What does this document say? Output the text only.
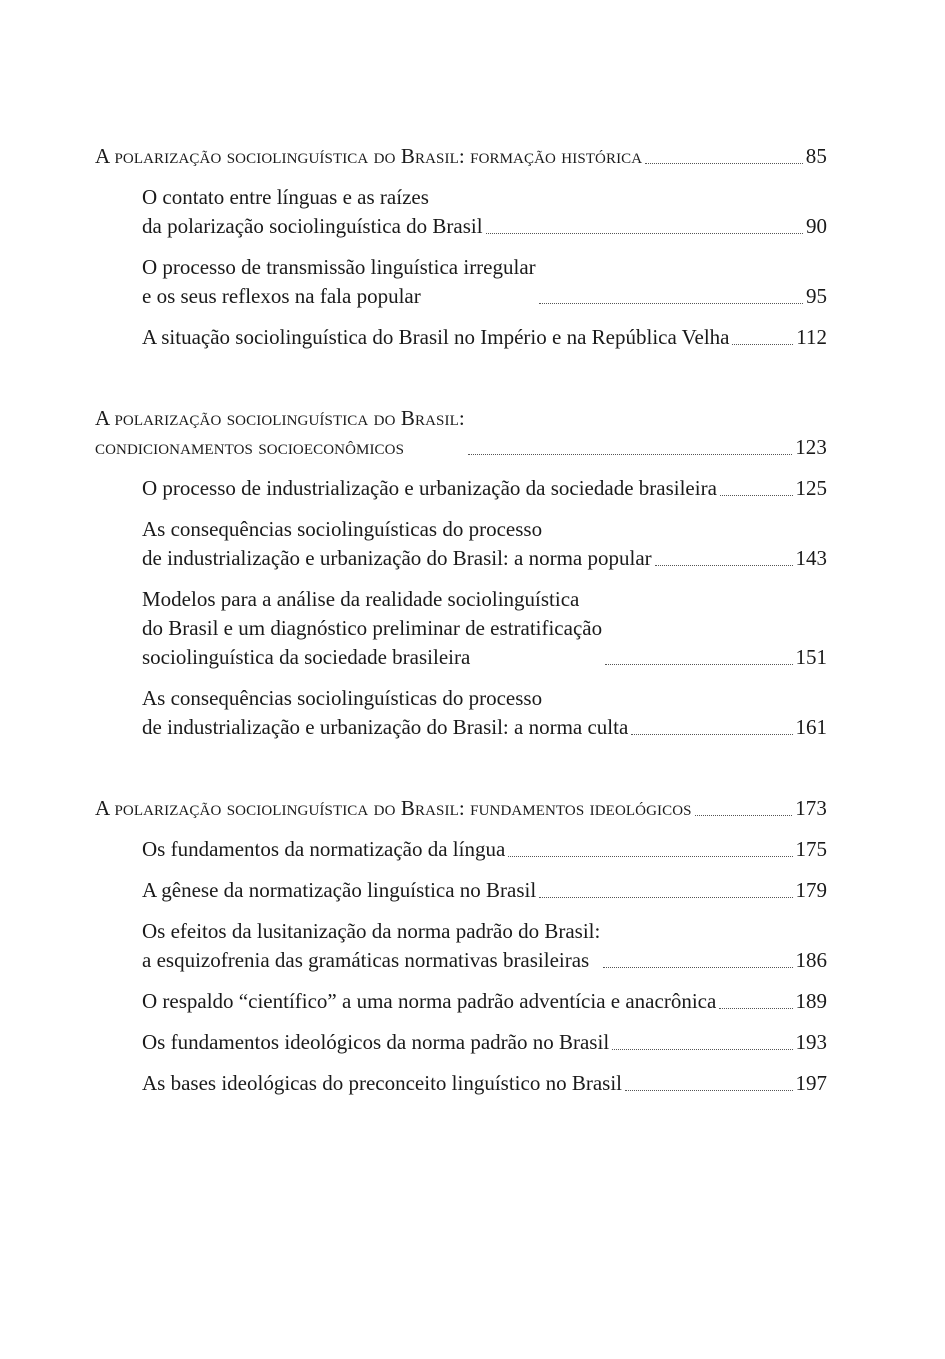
A polarização sociolinguística do Brasil: formação histórica	85
O contato entre línguas e as raízes
da polarização sociolinguística do Brasil	90
O processo de transmissão linguística irregular
e os seus reflexos na fala popular	95
A situação sociolinguística do Brasil no Império e na República Velha	112
A polarização sociolinguística do Brasil:
condicionamentos socioeconômicos	123
O processo de industrialização e urbanização da sociedade brasileira	125
As consequências sociolinguísticas do processo
de industrialização e urbanização do Brasil: a norma popular	143
Modelos para a análise da realidade sociolinguística
do Brasil e um diagnóstico preliminar de estratificação
sociolinguística da sociedade brasileira	151
As consequências sociolinguísticas do processo
de industrialização e urbanização do Brasil: a norma culta	161
A polarização sociolinguística do Brasil: fundamentos ideológicos	173
Os fundamentos da normatização da língua	175
A gênese da normatização linguística no Brasil	179
Os efeitos da lusitanização da norma padrão do Brasil:
a esquizofrenia das gramáticas normativas brasileiras	186
O respaldo “científico” a uma norma padrão adventícia e anacrônica	189
Os fundamentos ideológicos da norma padrão no Brasil	193
As bases ideológicas do preconceito linguístico no Brasil	197
